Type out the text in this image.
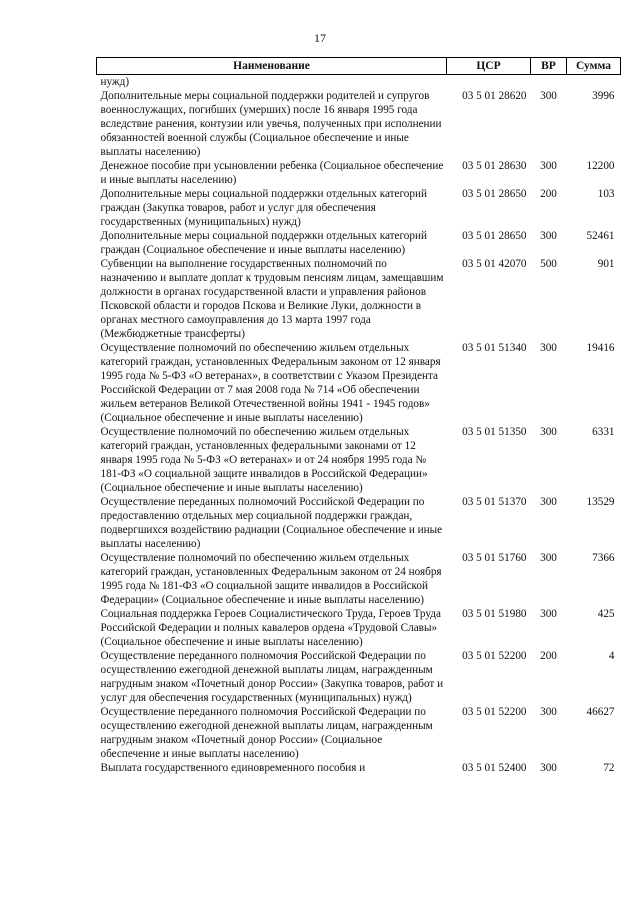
17
Наименование	ЦСР	ВР	Сумма
нужд)			
Дополнительные меры социальной поддержки родителей и супругов военнослужащих, погибших (умерших) после 16 января 1995 года вследствие ранения, контузии или увечья, полученных при исполнении обязанностей военной службы (Социальное обеспечение и иные выплаты населению)	03 5 01 28620	300	3996
Денежное пособие при усыновлении ребенка (Социальное обеспечение и иные выплаты населению)	03 5 01 28630	300	12200
Дополнительные меры социальной поддержки отдельных категорий граждан (Закупка товаров, работ и услуг для обеспечения государственных (муниципальных) нужд)	03 5 01 28650	200	103
Дополнительные меры социальной поддержки отдельных категорий граждан (Социальное обеспечение и иные выплаты населению)	03 5 01 28650	300	52461
Субвенции на выполнение государственных полномочий по назначению и выплате доплат к трудовым пенсиям лицам, замещавшим должности в органах государственной власти и управления районов Псковской области и городов Пскова и Великие Луки, должности в органах местного самоуправления до 13 марта 1997 года (Межбюджетные трансферты)	03 5 01 42070	500	901
Осуществление полномочий по обеспечению жильем отдельных категорий граждан, установленных Федеральным законом от 12 января 1995 года № 5-ФЗ «О ветеранах», в соответствии с Указом Президента Российской Федерации от 7 мая 2008 года № 714 «Об обеспечении жильем ветеранов Великой Отечественной войны 1941 - 1945 годов» (Социальное обеспечение и иные выплаты населению)	03 5 01 51340	300	19416
Осуществление полномочий по обеспечению жильем отдельных категорий граждан, установленных федеральными законами от 12 января 1995 года № 5-ФЗ «О ветеранах» и от 24 ноября 1995 года № 181-ФЗ «О социальной защите инвалидов в Российской Федерации» (Социальное обеспечение и иные выплаты населению)	03 5 01 51350	300	6331
Осуществление переданных полномочий Российской Федерации по предоставлению отдельных мер социальной поддержки граждан, подвергшихся воздействию радиации (Социальное обеспечение и иные выплаты населению)	03 5 01 51370	300	13529
Осуществление полномочий по обеспечению жильем отдельных категорий граждан, установленных Федеральным законом от 24 ноября 1995 года № 181-ФЗ «О социальной защите инвалидов в Российской Федерации» (Социальное обеспечение и иные выплаты населению)	03 5 01 51760	300	7366
Социальная поддержка Героев Социалистического Труда, Героев Труда Российской Федерации и полных кавалеров ордена «Трудовой Славы» (Социальное обеспечение и иные выплаты населению)	03 5 01 51980	300	425
Осуществление переданного полномочия Российской Федерации по осуществлению ежегодной денежной выплаты лицам, награжденным нагрудным знаком «Почетный донор России» (Закупка товаров, работ и услуг для обеспечения государственных (муниципальных) нужд)	03 5 01 52200	200	4
Осуществление переданного полномочия Российской Федерации по осуществлению ежегодной денежной выплаты лицам, награжденным нагрудным знаком «Почетный донор России» (Социальное обеспечение и иные выплаты населению)	03 5 01 52200	300	46627
Выплата государственного единовременного пособия и	03 5 01 52400	300	72
